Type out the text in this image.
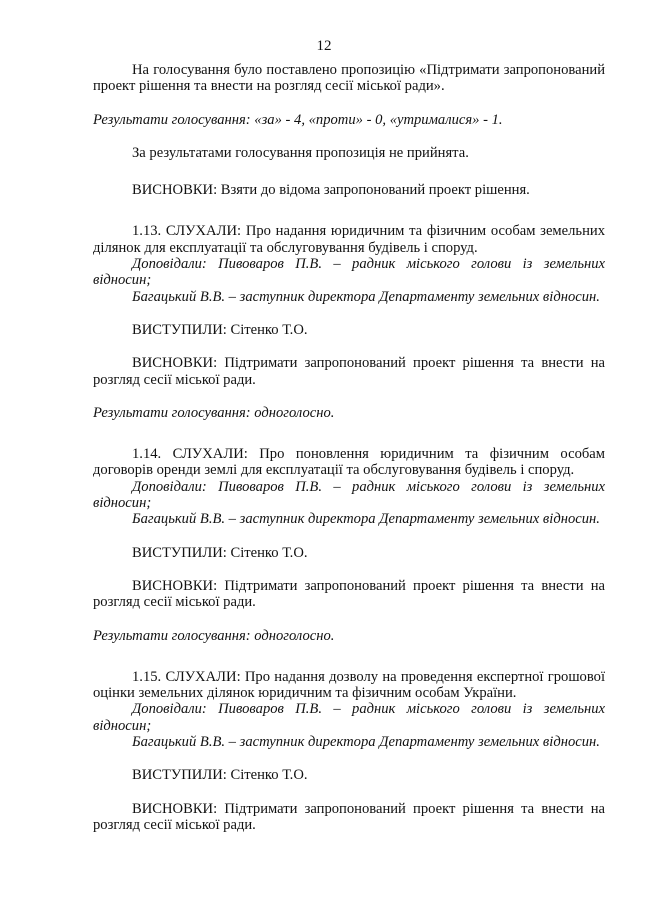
12

На голосування було поставлено пропозицію «Підтримати запропонований проект рішення та внести на розгляд сесії міської ради».

Результати голосування: «за» - 4, «проти» - 0, «утрималися» - 1.

За результатами голосування пропозиція не прийнята.

ВИСНОВКИ: Взяти до відома запропонований проект рішення.

1.13. СЛУХАЛИ: Про надання юридичним та фізичним особам земельних ділянок для експлуатації та обслуговування будівель і споруд.

Доповідали: Пивоваров П.В. – радник міського голови із земельних відносин;

Багацький В.В. – заступник директора Департаменту земельних відносин.

ВИСТУПИЛИ: Сітенко Т.О.

ВИСНОВКИ: Підтримати запропонований проект рішення та внести на розгляд сесії міської ради.

Результати голосування: одноголосно.

1.14. СЛУХАЛИ: Про поновлення юридичним та фізичним особам договорів оренди землі для експлуатації та обслуговування будівель і споруд.

Доповідали: Пивоваров П.В. – радник міського голови із земельних відносин;

Багацький В.В. – заступник директора Департаменту земельних відносин.

ВИСТУПИЛИ: Сітенко Т.О.

ВИСНОВКИ: Підтримати запропонований проект рішення та внести на розгляд сесії міської ради.

Результати голосування: одноголосно.

1.15. СЛУХАЛИ: Про надання дозволу на проведення експертної грошової оцінки земельних ділянок юридичним та фізичним особам України.

Доповідали: Пивоваров П.В. – радник міського голови із земельних відносин;

Багацький В.В. – заступник директора Департаменту земельних відносин.

ВИСТУПИЛИ: Сітенко Т.О.

ВИСНОВКИ: Підтримати запропонований проект рішення та внести на розгляд сесії міської ради.
